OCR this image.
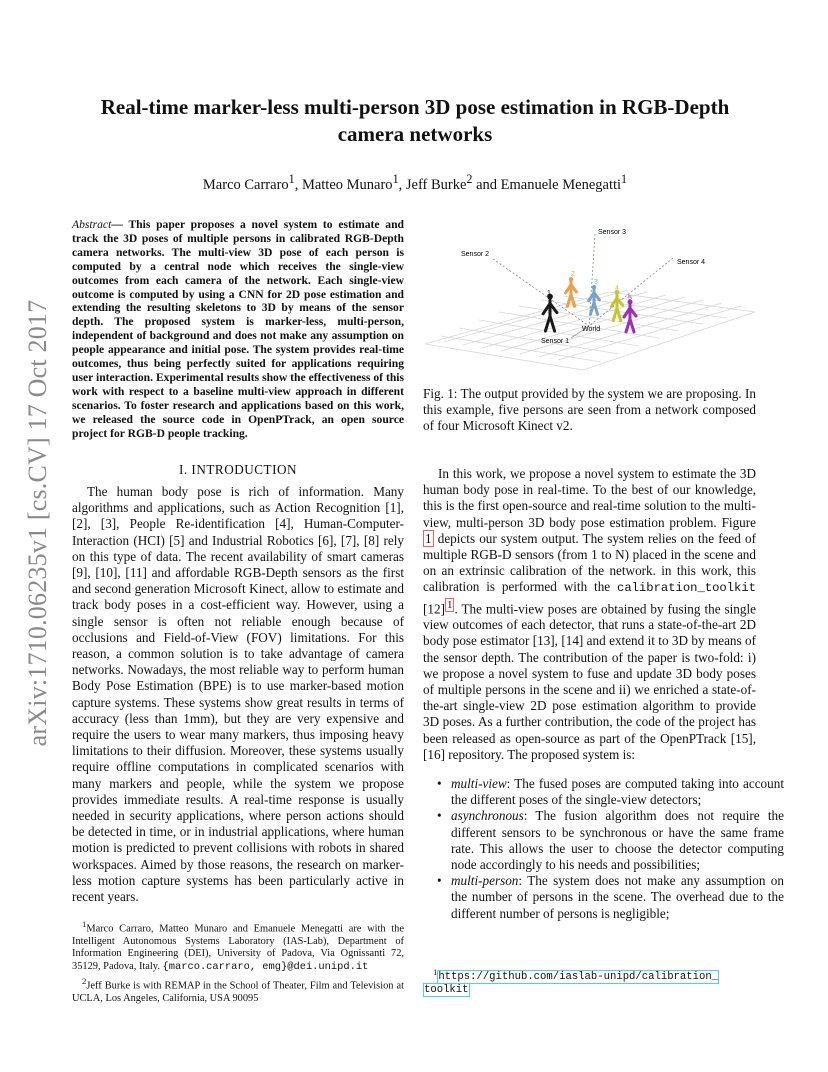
arXiv:1710.06235v1 [cs.CV] 17 Oct 2017
Real-time marker-less multi-person 3D pose estimation in RGB-Depth
camera networks
Marco Carraro$^1$, Matteo Munaro$^1$, Jeff Burke$^2$ and Emanuele Menegatti$^1$

Abstract— This paper proposes a novel system to estimate and track the 3D poses of multiple persons in calibrated RGB-Depth camera networks. The multi-view 3D pose of each person is computed by a central node which receives the single-view outcomes from each camera of the network. Each single-view outcome is computed by using a CNN for 2D pose estimation and extending the resulting skeletons to 3D by means of the sensor depth. The proposed system is marker-less, multi-person, independent of background and does not make any assumption on people appearance and initial pose. The system provides real-time outcomes, thus being perfectly suited for applications requiring user interaction. Experimental results show the effectiveness of this work with respect to a baseline multi-view approach in different scenarios. To foster research and applications based on this work, we released the source code in OpenPTrack, an open source project for RGB-D people tracking.

I. INTRODUCTION

The human body pose is rich of information. Many algorithms and applications, such as Action Recognition [1], [2], [3], People Re-identification [4], Human-Computer-Interaction (HCI) [5] and Industrial Robotics [6], [7], [8] rely on this type of data. The recent availability of smart cameras [9], [10], [11] and affordable RGB-Depth sensors as the first and second generation Microsoft Kinect, allow to estimate and track body poses in a cost-efficient way. However, using a single sensor is often not reliable enough because of occlusions and Field-of-View (FOV) limitations. For this reason, a common solution is to take advantage of camera networks. Nowadays, the most reliable way to perform human Body Pose Estimation (BPE) is to use marker-based motion capture systems. These systems show great results in terms of accuracy (less than 1mm), but they are very expensive and require the users to wear many markers, thus imposing heavy limitations to their diffusion. Moreover, these systems usually require offline computations in complicated scenarios with many markers and people, while the system we propose provides immediate results. A real-time response is usually needed in security applications, where person actions should be detected in time, or in industrial applications, where human motion is predicted to prevent collisions with robots in shared workspaces. Aimed by those reasons, the research on marker-less motion capture systems has been particularly active in recent years.

$^1$Marco Carraro, Matteo Munaro and Emanuele Menegatti are with the Intelligent Autonomous Systems Laboratory (IAS-Lab), Department of Information Engineering (DEI), University of Padova, Via Ognissanti 72, 35129, Padova, Italy. {marco.carraro, emg}@dei.unipd.it

$^2$Jeff Burke is with REMAP in the School of Theater, Film and Television at UCLA, Los Angeles, California, USA 90095

Sensor 3
Sensor 2
Sensor 4
Sensor 1
World
1
2
3
4
5
Fig. 1: The output provided by the system we are proposing. In this example, five persons are seen from a network composed of four Microsoft Kinect v2.

In this work, we propose a novel system to estimate the 3D human body pose in real-time. To the best of our knowledge, this is the first open-source and real-time solution to the multi-view, multi-person 3D body pose estimation problem. Figure 1 depicts our system output. The system relies on the feed of multiple RGB-D sensors (from 1 to N) placed in the scene and on an extrinsic calibration of the network. in this work, this calibration is performed with the calibration_toolkit [12] $^1$ . The multi-view poses are obtained by fusing the single view outcomes of each detector, that runs a state-of-the-art 2D body pose estimator [13], [14] and extend it to 3D by means of the sensor depth. The contribution of the paper is two-fold: i) we propose a novel system to fuse and update 3D body poses of multiple persons in the scene and ii) we enriched a state-of-the-art single-view 2D pose estimation algorithm to provide 3D poses. As a further contribution, the code of the project has been released as open-source as part of the OpenPTrack [15], [16] repository. The proposed system is:

• multi-view: The fused poses are computed taking into account the different poses of the single-view detectors;
• asynchronous: The fusion algorithm does not require the different sensors to be synchronous or have the same frame rate. This allows the user to choose the detector computing node accordingly to his needs and possibilities;
• multi-person: The system does not make any assumption on the number of persons in the scene. The overhead due to the different number of persons is negligible;

$^1$https://github.com/iaslab-unipd/calibration_
toolkit
